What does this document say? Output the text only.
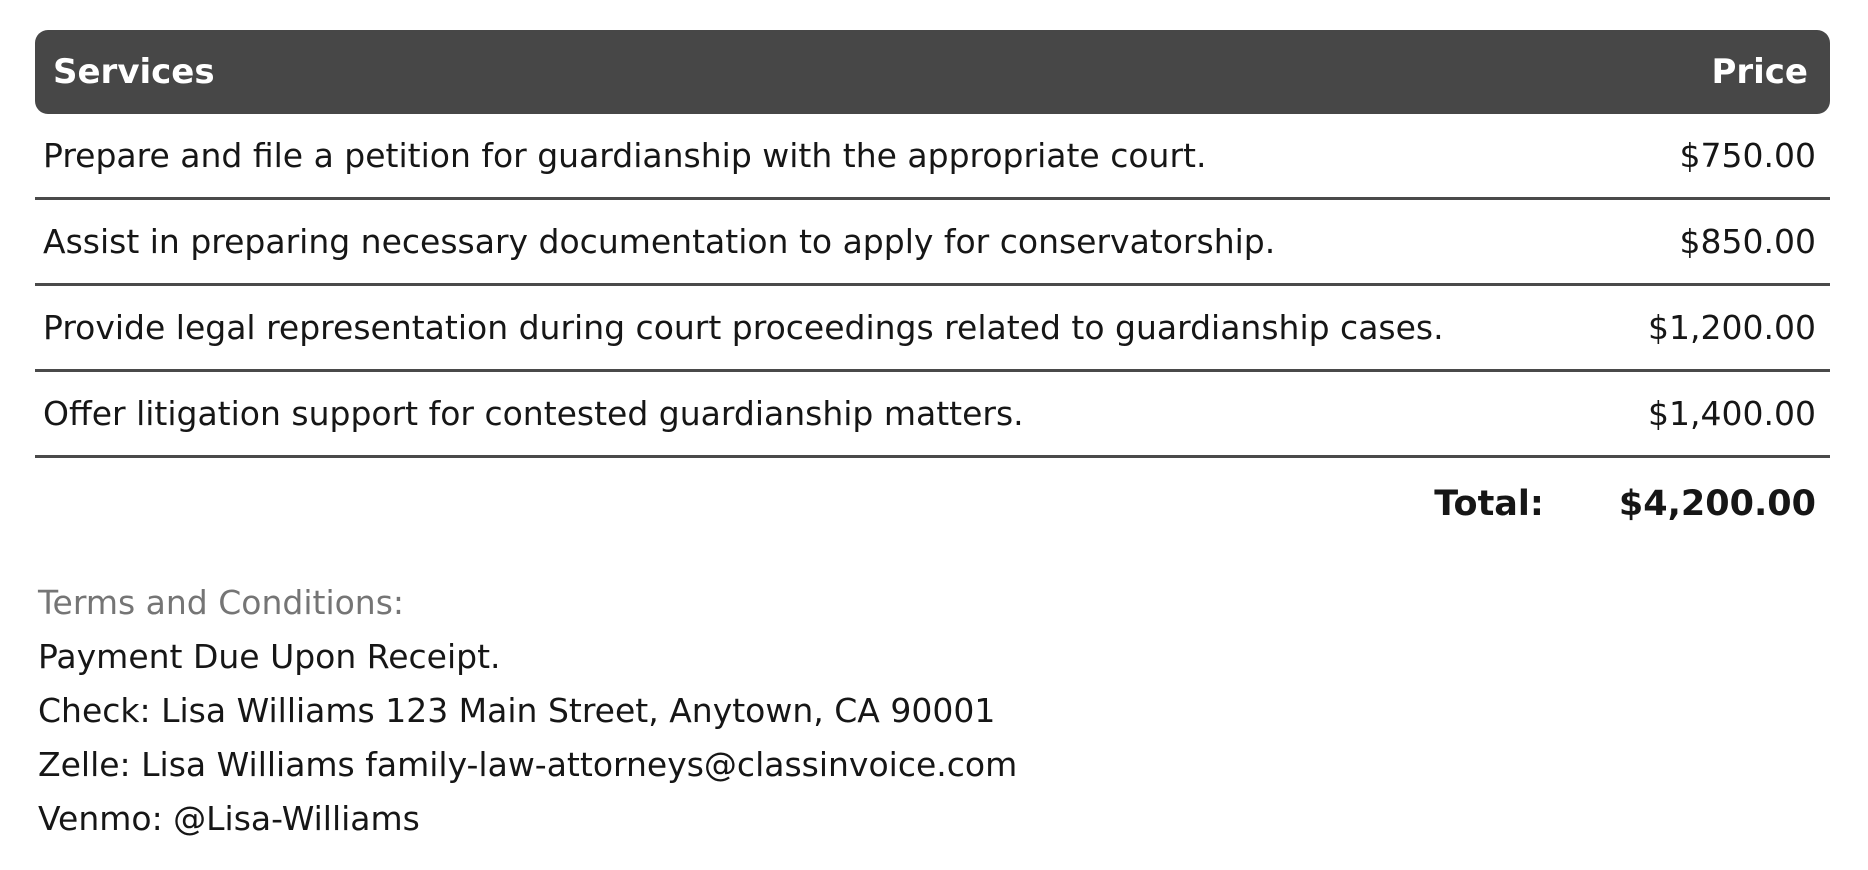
Services	Price
Prepare and file a petition for guardianship with the appropriate court.	$750.00
Assist in preparing necessary documentation to apply for conservatorship.	$850.00
Provide legal representation during court proceedings related to guardianship cases.	$1,200.00
Offer litigation support for contested guardianship matters.	$1,400.00
Total: $4,200.00
Terms and Conditions:
Payment Due Upon Receipt.
Check: Lisa Williams 123 Main Street, Anytown, CA 90001
Zelle: Lisa Williams family-law-attorneys@classinvoice.com
Venmo: @Lisa-Williams
